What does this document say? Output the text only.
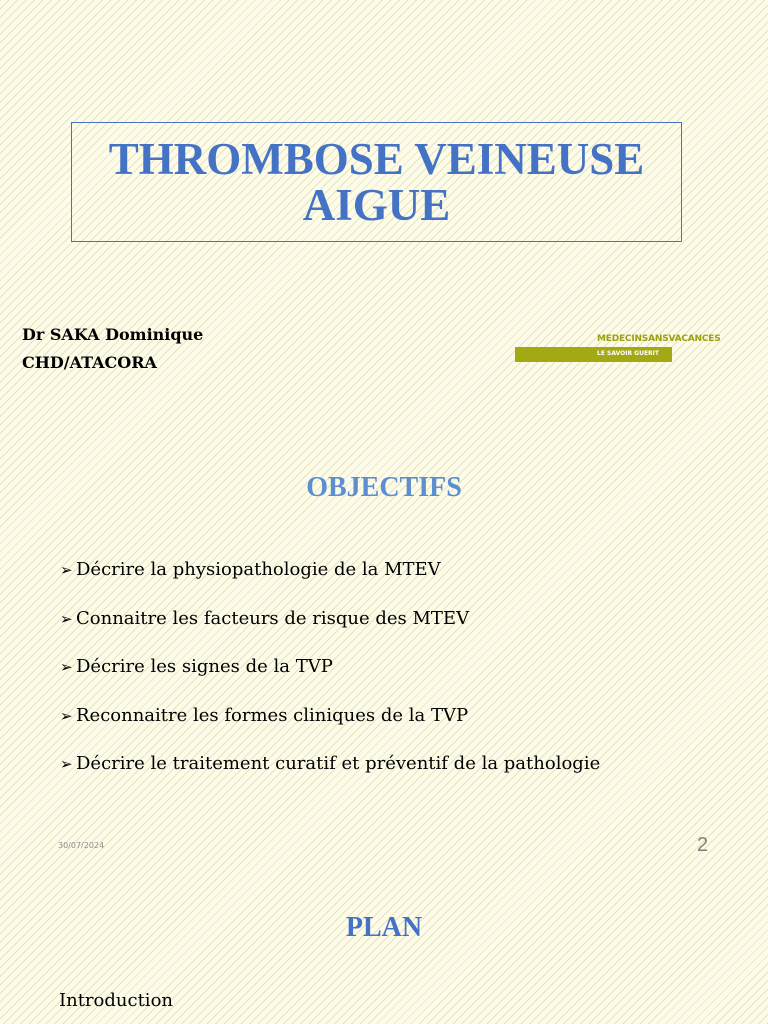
THROMBOSE VEINEUSE AIGUE
Dr SAKA Dominique
CHD/ATACORA
MEDECINSANSVACANCES
LE SAVOIR GUERIT
OBJECTIFS
➢ Décrire la physiopathologie de la MTEV
➢ Connaitre les facteurs de risque des MTEV
➢ Décrire les signes de la TVP
➢ Reconnaitre les formes cliniques de la TVP
➢ Décrire le traitement curatif et préventif de la pathologie
30/07/2024	2
PLAN
Introduction
